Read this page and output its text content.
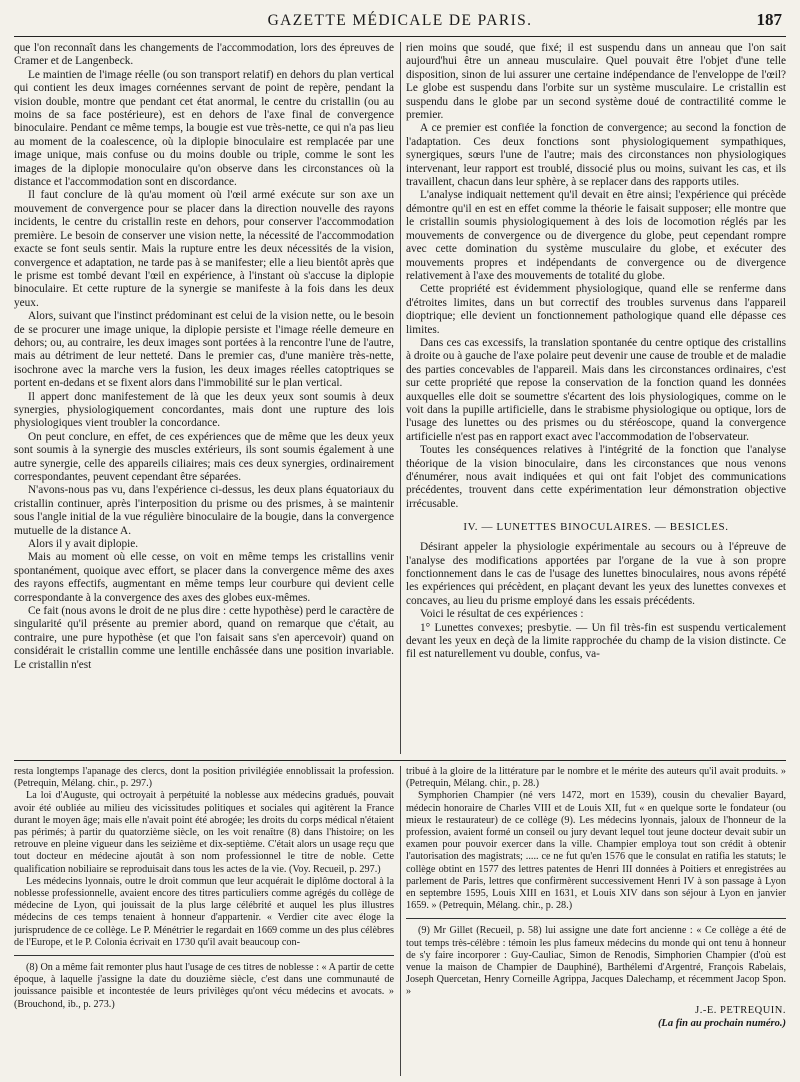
GAZETTE MÉDICALE DE PARIS.	187

que l'on reconnaît dans les changements de l'accommodation, lors des épreuves de Cramer et de Langenbeck.

Le maintien de l'image réelle (ou son transport relatif) en dehors du plan vertical qui contient les deux images cornéennes servant de point de repère, pendant la vision double, montre que pendant cet état anormal, le centre du cristallin (ou au moins de sa face postérieure), est en dehors de l'axe final de convergence binoculaire. Pendant ce même temps, la bougie est vue très-nette, ce qui n'a pas lieu au moment de la coalescence, où la diplopie binoculaire est remplacée par une image unique, mais confuse ou du moins double ou triple, comme le sont les images de la diplopie monoculaire qu'on observe dans les circonstances où la distance et l'accommodation sont en discordance.

Il faut conclure de là qu'au moment où l'œil armé exécute sur son axe un mouvement de convergence pour se placer dans la direction nouvelle des rayons incidents, le centre du cristallin reste en dehors, pour conserver l'accommodation première. Le besoin de conserver une vision nette, la nécessité de l'accommodation exacte se font seuls sentir. Mais la rupture entre les deux nécessités de la vision, convergence et adaptation, ne tarde pas à se manifester; elle a lieu bientôt après que le prisme est tombé devant l'œil en expérience, à l'instant où s'accuse la diplopie binoculaire. Et cette rupture de la synergie se manifeste à la fois dans les deux yeux.

Alors, suivant que l'instinct prédominant est celui de la vision nette, ou le besoin de se procurer une image unique, la diplopie persiste et l'image réelle demeure en dehors; ou, au contraire, les deux images sont portées à la rencontre l'une de l'autre, mais au détriment de leur netteté. Dans le premier cas, d'une manière très-nette, isochrone avec la marche vers la fusion, les deux images réelles catoptriques se portent en-dedans et se fixent alors dans l'immobilité sur le plan vertical.

Il appert donc manifestement de là que les deux yeux sont soumis à deux synergies, physiologiquement concordantes, mais dont une rupture des lois physiologiques vient troubler la concordance.

On peut conclure, en effet, de ces expériences que de même que les deux yeux sont soumis à la synergie des muscles extérieurs, ils sont soumis également à une autre synergie, celle des appareils ciliaires; mais ces deux synergies, ordinairement correspondantes, peuvent cependant être séparées.

N'avons-nous pas vu, dans l'expérience ci-dessus, les deux plans équatoriaux du cristallin continuer, après l'interposition du prisme ou des prismes, à se maintenir sous l'angle initial de la vue régulière binoculaire de la bougie, dans la convergence mutuelle de la distance A.

Alors il y avait diplopie.

Mais au moment où elle cesse, on voit en même temps les cristallins venir spontanément, quoique avec effort, se placer dans la convergence même des axes des rayons effectifs, augmentant en même temps leur courbure qui devient celle correspondante à la convergence des axes des globes eux-mêmes.

Ce fait (nous avons le droit de ne plus dire : cette hypothèse) perd le caractère de singularité qu'il présente au premier abord, quand on remarque que c'était, au contraire, une pure hypothèse (et que l'on faisait sans s'en apercevoir) quand on considérait le cristallin comme une lentille enchâssée dans une position invariable. Le cristallin n'est

rien moins que soudé, que fixé; il est suspendu dans un anneau que l'on sait aujourd'hui être un anneau musculaire. Quel pouvait être l'objet d'une telle disposition, sinon de lui assurer une certaine indépendance de l'enveloppe de l'œil? Le globe est suspendu dans l'orbite sur un système musculaire. Le cristallin est suspendu dans le globe par un second système doué de contractilité comme le premier.

A ce premier est confiée la fonction de convergence; au second la fonction de l'adaptation. Ces deux fonctions sont physiologiquement sympathiques, synergiques, sœurs l'une de l'autre; mais des circonstances non physiologiques intervenant, leur rapport est troublé, dissocié plus ou moins, suivant les cas, et ils travaillent, chacun dans leur sphère, à se replacer dans des rapports utiles.

L'analyse indiquait nettement qu'il devait en être ainsi; l'expérience qui précède démontre qu'il en est en effet comme la théorie le faisait supposer; elle montre que le cristallin soumis physiologiquement à des lois de locomotion réglés par les mouvements de convergence ou de divergence du globe, peut cependant rompre avec cette domination du système musculaire du globe, et exécuter des mouvements propres et indépendants de convergence ou de divergence relativement à l'axe des mouvements de totalité du globe.

Cette propriété est évidemment physiologique, quand elle se renferme dans d'étroites limites, dans un but correctif des troubles survenus dans l'appareil dioptrique; elle devient un fonctionnement pathologique quand elle dépasse ces limites.

Dans ces cas excessifs, la translation spontanée du centre optique des cristallins à droite ou à gauche de l'axe polaire peut devenir une cause de trouble et de maladie des parties concevables de l'appareil. Mais dans les circonstances ordinaires, c'est sur cette propriété que repose la conservation de la fonction quand les données auxquelles elle doit se soumettre s'écartent des lois physiologiques, comme on le voit dans la pupille artificielle, dans le strabisme physiologique ou optique, lors de l'usage des lunettes ou des prismes ou du stéréoscope, quand la convergence artificielle n'est pas en rapport exact avec l'accommodation de l'observateur.

Toutes les conséquences relatives à l'intégrité de la fonction que l'analyse théorique de la vision binoculaire, dans les circonstances que nous venons d'énumérer, nous avait indiquées et qui ont fait l'objet des communications précédentes, trouvent dans cette expérimentation leur démonstration objective irrécusable.

IV. — LUNETTES BINOCULAIRES. — BESICLES.

Désirant appeler la physiologie expérimentale au secours ou à l'épreuve de l'analyse des modifications apportées par l'organe de la vue à son propre fonctionnement dans le cas de l'usage des lunettes binoculaires, nous avons répété les expériences qui précèdent, en plaçant devant les yeux des lunettes convexes et concaves, au lieu du prisme employé dans les essais précédents.

Voici le résultat de ces expériences :

1° Lunettes convexes; presbytie. — Un fil très-fin est suspendu verticalement devant les yeux en deçà de la limite rapprochée du champ de la vision distincte. Ce fil est naturellement vu double, confus, va-

resta longtemps l'apanage des clercs, dont la position privilégiée ennoblissait la profession. (Petrequin, Mélang. chir., p. 297.)

La loi d'Auguste, qui octroyait à perpétuité la noblesse aux médecins gradués, pouvait avoir été oubliée au milieu des vicissitudes politiques et sociales qui agitèrent la France durant le moyen âge; mais elle n'avait point été abrogée; les droits du corps médical n'étaient pas périmés; à partir du quatorzième siècle, on les voit renaître (8) dans l'histoire; on les retrouve en pleine vigueur dans les seizième et dix-septième. C'était alors un usage reçu que tout docteur en médecine ajoutât à son nom professionnel le titre de noble. Cette qualification nobiliaire se reproduisait dans tous les actes de la vie. (Voy. Recueil, p. 297.)

Les médecins lyonnais, outre le droit commun que leur acquérait le diplôme doctoral à la noblesse professionnelle, avaient encore des titres particuliers comme agrégés du collège de médecine de Lyon, qui jouissait de la plus large célébrité et auquel les plus illustres médecins de ces temps tenaient à honneur d'appartenir. « Verdier cite avec éloge la jurisprudence de ce collège. Le P. Ménétrier le regardait en 1669 comme un des plus célèbres de l'Europe, et le P. Colonia écrivait en 1730 qu'il avait beaucoup con-

(8) On a même fait remonter plus haut l'usage de ces titres de noblesse : « A partir de cette époque, à laquelle j'assigne la date du douzième siècle, c'est dans une communauté de jouissance paisible et incontestée de leurs privilèges qu'ont vécu médecins et avocats. » (Brouchond, ib., p. 273.)

tribué à la gloire de la littérature par le nombre et le mérite des auteurs qu'il avait produits. » (Petrequin, Mélang. chir., p. 28.)

Symphorien Champier (né vers 1472, mort en 1539), cousin du chevalier Bayard, médecin honoraire de Charles VIII et de Louis XII, fut « en quelque sorte le fondateur (ou mieux le restaurateur) de ce collège (9). Les médecins lyonnais, jaloux de l'honneur de la profession, avaient formé un conseil ou jury devant lequel tout jeune docteur devait subir un examen pour pouvoir exercer dans la ville. Champier employa tout son crédit à obtenir l'autorisation des magistrats; ..... ce ne fut qu'en 1576 que le consulat en ratifia les statuts; le collège obtint en 1577 des lettres patentes de Henri III données à Poitiers et enregistrées au parlement de Paris, lettres que confirmèrent successivement Henri IV à son passage à Lyon en septembre 1595, Louis XIII en 1631, et Louis XIV dans son séjour à Lyon en janvier 1659. » (Petrequin, Mélang. chir., p. 28.)

(9) Mr Gillet (Recueil, p. 58) lui assigne une date fort ancienne : « Ce collège a été de tout temps très-célèbre : témoin les plus fameux médecins du monde qui ont tenu à honneur de s'y faire incorporer : Guy-Cauliac, Simon de Renodis, Simphorien Champier (d'où est venue la maison de Champier de Dauphiné), Barthélemi d'Argentré, François Rabelais, Joseph Quercetan, Henry Corneille Agrippa, Jacques Dalechamp, et récemment Jacop Spon. »

J.-E. PETREQUIN.
(La fin au prochain numéro.)
